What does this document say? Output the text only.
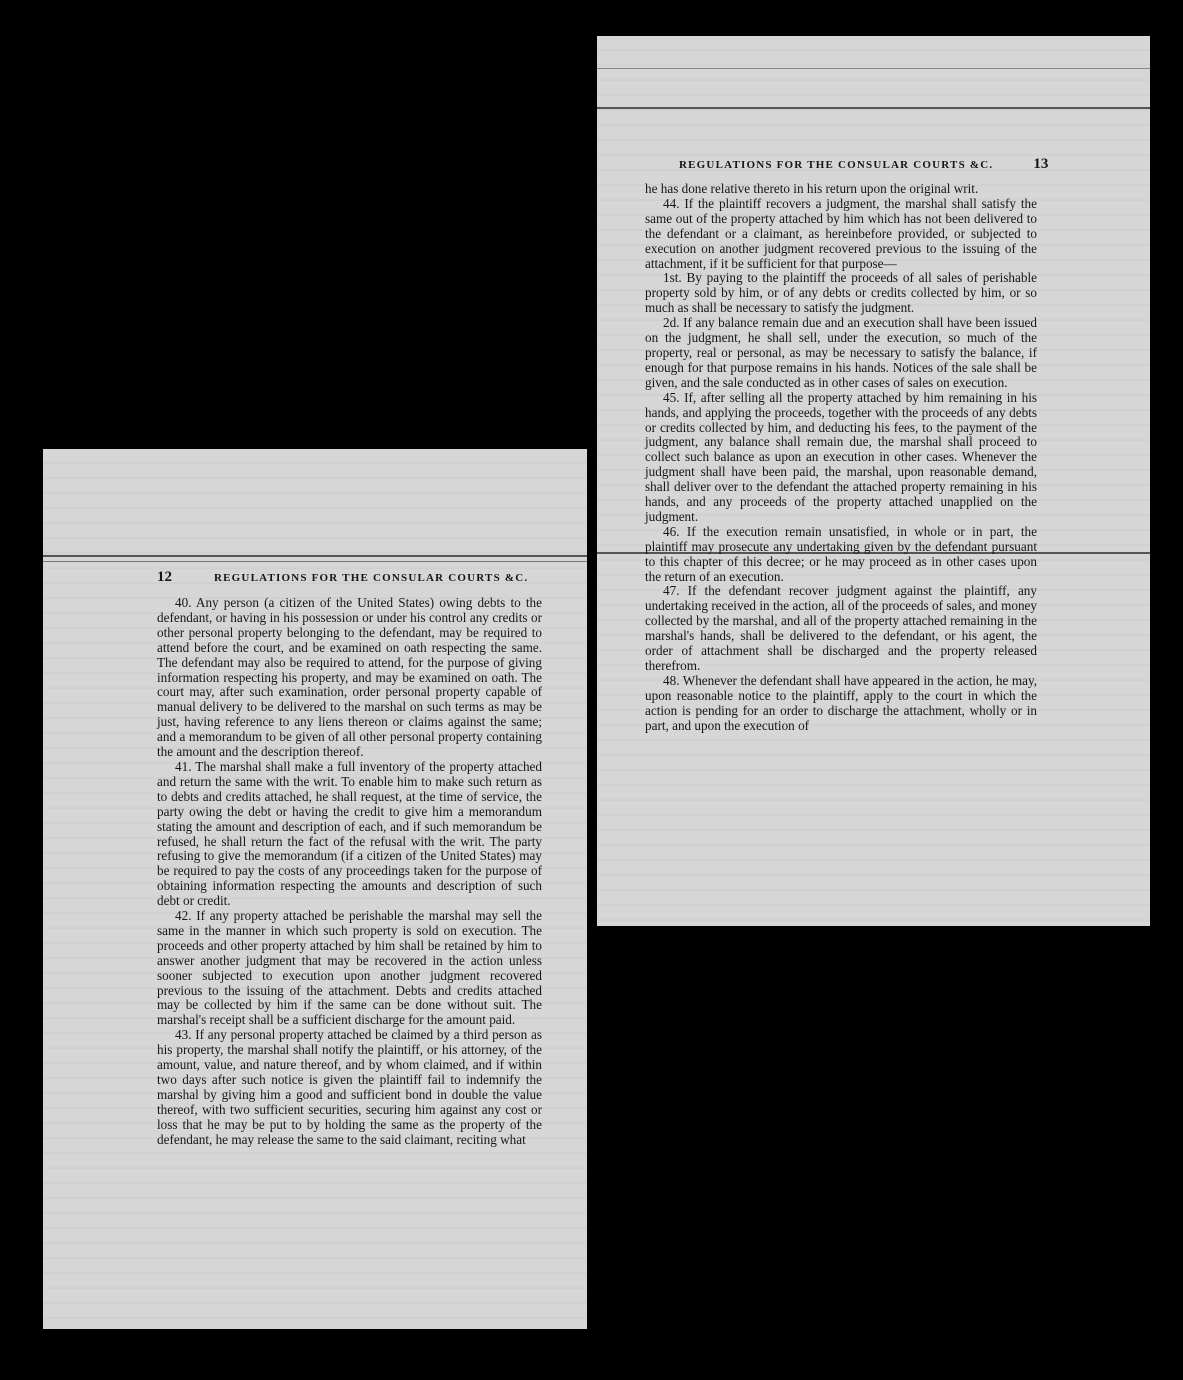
12	REGULATIONS FOR THE CONSULAR COURTS &C.

40. Any person (a citizen of the United States) owing debts to the defendant, or having in his possession or under his control any credits or other personal property belonging to the defendant, may be required to attend before the court, and be examined on oath respecting the same. The defendant may also be required to attend, for the purpose of giving information respecting his property, and may be examined on oath. The court may, after such examination, order personal property capable of manual delivery to be delivered to the marshal on such terms as may be just, having reference to any liens thereon or claims against the same; and a memorandum to be given of all other personal property containing the amount and the description thereof.

41. The marshal shall make a full inventory of the property attached and return the same with the writ. To enable him to make such return as to debts and credits attached, he shall request, at the time of service, the party owing the debt or having the credit to give him a memorandum stating the amount and description of each, and if such memorandum be refused, he shall return the fact of the refusal with the writ. The party refusing to give the memorandum (if a citizen of the United States) may be required to pay the costs of any proceedings taken for the purpose of obtaining information respecting the amounts and description of such debt or credit.

42. If any property attached be perishable the marshal may sell the same in the manner in which such property is sold on execution. The proceeds and other property attached by him shall be retained by him to answer another judgment that may be recovered in the action unless sooner subjected to execution upon another judgment recovered previous to the issuing of the attachment. Debts and credits attached may be collected by him if the same can be done without suit. The marshal's receipt shall be a sufficient discharge for the amount paid.

43. If any personal property attached be claimed by a third person as his property, the marshal shall notify the plaintiff, or his attorney, of the amount, value, and nature thereof, and by whom claimed, and if within two days after such notice is given the plaintiff fail to indemnify the marshal by giving him a good and sufficient bond in double the value thereof, with two sufficient securities, securing him against any cost or loss that he may be put to by holding the same as the property of the defendant, he may release the same to the said claimant, reciting what

REGULATIONS FOR THE CONSULAR COURTS &C.	13

he has done relative thereto in his return upon the original writ.

44. If the plaintiff recovers a judgment, the marshal shall satisfy the same out of the property attached by him which has not been delivered to the defendant or a claimant, as hereinbefore provided, or subjected to execution on another judgment recovered previous to the issuing of the attachment, if it be sufficient for that purpose—

1st. By paying to the plaintiff the proceeds of all sales of perishable property sold by him, or of any debts or credits collected by him, or so much as shall be necessary to satisfy the judgment.

2d. If any balance remain due and an execution shall have been issued on the judgment, he shall sell, under the execution, so much of the property, real or personal, as may be necessary to satisfy the balance, if enough for that purpose remains in his hands. Notices of the sale shall be given, and the sale conducted as in other cases of sales on execution.

45. If, after selling all the property attached by him remaining in his hands, and applying the proceeds, together with the proceeds of any debts or credits collected by him, and deducting his fees, to the payment of the judgment, any balance shall remain due, the marshal shall proceed to collect such balance as upon an execution in other cases. Whenever the judgment shall have been paid, the marshal, upon reasonable demand, shall deliver over to the defendant the attached property remaining in his hands, and any proceeds of the property attached unapplied on the judgment.

46. If the execution remain unsatisfied, in whole or in part, the plaintiff may prosecute any undertaking given by the defendant pursuant to this chapter of this decree; or he may proceed as in other cases upon the return of an execution.

47. If the defendant recover judgment against the plaintiff, any undertaking received in the action, all of the proceeds of sales, and money collected by the marshal, and all of the property attached remaining in the marshal's hands, shall be delivered to the defendant, or his agent, the order of attachment shall be discharged and the property released therefrom.

48. Whenever the defendant shall have appeared in the action, he may, upon reasonable notice to the plaintiff, apply to the court in which the action is pending for an order to discharge the attachment, wholly or in part, and upon the execution of
